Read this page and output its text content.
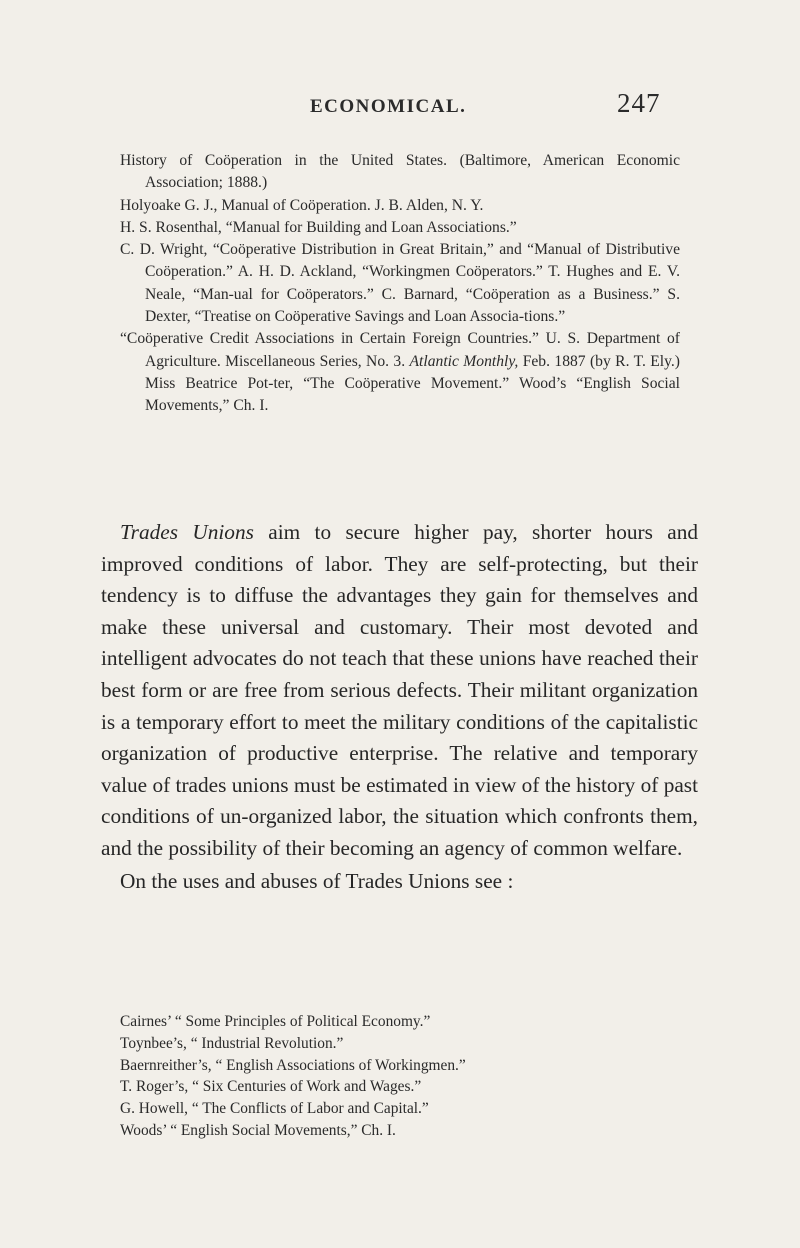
ECONOMICAL.	247

History of Coöperation in the United States. (Baltimore, American Economic Association; 1888.)

Holyoake G. J., Manual of Coöperation. J. B. Alden, N. Y.

H. S. Rosenthal, “Manual for Building and Loan Associations.”

C. D. Wright, “Coöperative Distribution in Great Britain,” and “Manual of Distributive Coöperation.” A. H. D. Ackland, “Workingmen Coöperators.” T. Hughes and E. V. Neale, “Man-ual for Coöperators.” C. Barnard, “Coöperation as a Business.” S. Dexter, “Treatise on Coöperative Savings and Loan Associa-tions.”

“Coöperative Credit Associations in Certain Foreign Countries.” U. S. Department of Agriculture. Miscellaneous Series, No. 3. Atlantic Monthly, Feb. 1887 (by R. T. Ely.) Miss Beatrice Pot-ter, “The Coöperative Movement.” Wood’s “English Social Movements,” Ch. I.

Trades Unions aim to secure higher pay, shorter hours and improved conditions of labor. They are self-protecting, but their tendency is to diffuse the advantages they gain for themselves and make these universal and customary. Their most devoted and intelligent advocates do not teach that these unions have reached their best form or are free from serious defects. Their militant organization is a temporary effort to meet the military conditions of the capitalistic organization of productive enterprise. The relative and temporary value of trades unions must be estimated in view of the history of past conditions of un-organized labor, the situation which confronts them, and the possibility of their becoming an agency of common welfare.

On the uses and abuses of Trades Unions see :

Cairnes’ “ Some Principles of Political Economy.”

Toynbee’s, “ Industrial Revolution.”

Baernreither’s, “ English Associations of Workingmen.”

T. Roger’s, “ Six Centuries of Work and Wages.”

G. Howell, “ The Conflicts of Labor and Capital.”

Woods’ “ English Social Movements,” Ch. I.
